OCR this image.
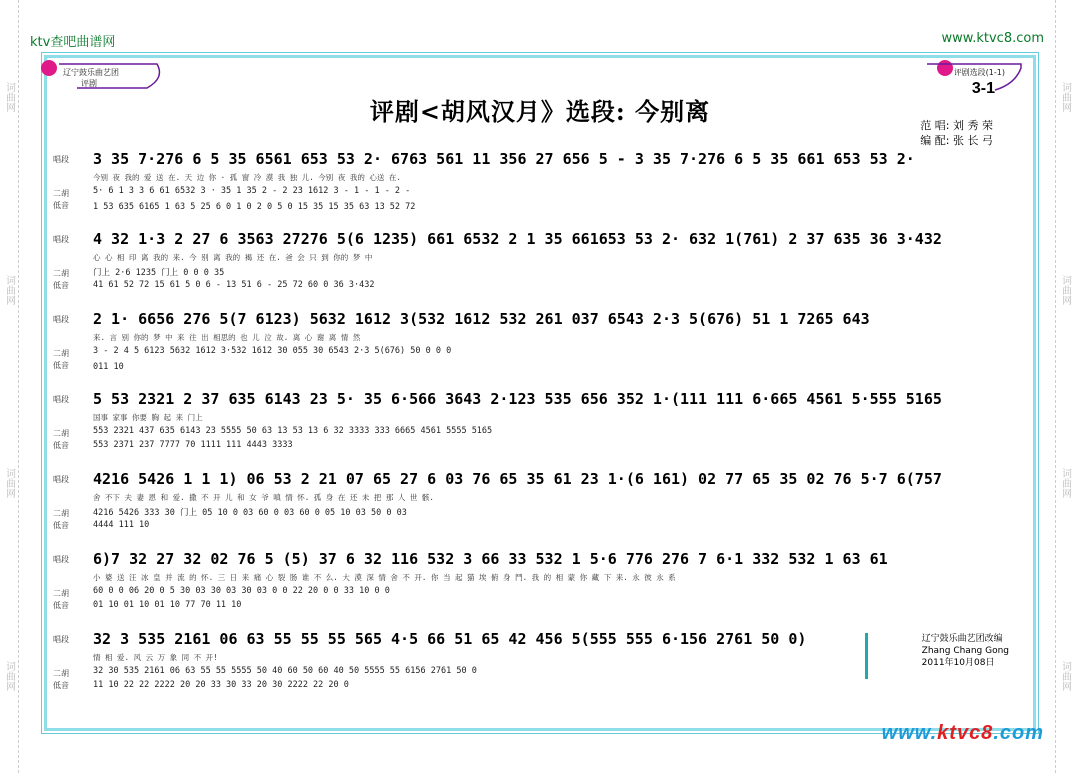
词曲网
词曲网
词曲网
词曲网
词曲网
词曲网
词曲网
词曲网
ktv查吧曲谱网	www.ktvc8.com
辽宁鼓乐曲艺团
评剧
评剧选段(1-1)
3-1
评剧<胡风汉月》选段: 今别离	范 唱: 刘 秀 荣
编 配: 张 长 弓
唱段
二胡
低音
3 35 7·276 6 5 35 6561 653 53 2· 6763 561 11 356 27 656 5 - 3 35 7·276 6 5 35 661 653 53 2·
今别 夜 我的 爱 送 在. 天 边 你 · 孤 窗 冷 漠 我 独 儿. 今别 夜 我的 心送 在.
5· 6 1 3 3 6 61 6532 3 · 35 1 35 2 - 2 23 1612 3 - 1 - 1 - 2 -
1 53 635 6165 1 63 5 25 6 0 1 0 2 0 5 0 15 35 15 35 63 13 52 72
唱段
二胡
低音
4 32 1·3 2 27 6 3563 27276 5(6 1235) 661 6532 2 1 35 661653 53 2· 632 1(761) 2 37 635 36 3·432
心 心 相 印 离 我的 来. 今 别 离 我的 褐 还 在. 爸 会 只 到 你的 梦 中
门上 2·6 1235 门上 0 0 0 35
41 61 52 72 15 61 5 0 6 - 13 51 6 - 25 72 60 0 36 3·432
唱段
二胡
低音
2 1· 6656 276 5(7 6123) 5632 1612 3(532 1612 532 261 037 6543 2·3 5(676) 51 1 7265 643
来. 言 别 你的 梦 中 来 往 出 相思的 也 儿 泣 故. 离 心 谢 离 情 然
3 - 2 4 5 6123 5632 1612 3·532 1612 30 055 30 6543 2·3 5(676) 50 0 0 0
011 10
唱段
二胡
低音
5 53 2321 2 37 635 6143 23 5· 35 6·566 3643 2·123 535 656 352 1·(111 111 6·665 4561 5·555 5165
国事 家事 你要 胸 起 来 门上
553 2321 437 635 6143 23 5555 50 63 13 53 13 6 32 3333 333 6665 4561 5555 5165
553 2371 237 7777 70 1111 111 4443 3333
唱段
二胡
低音
4216 5426 1 1 1) 06 53 2 21 07 65 27 6 03 76 65 35 61 23 1·(6 161) 02 77 65 35 02 76 5·7 6(757
舍 不下 夫 妻 恩 和 爱. 撒 不 开 儿 和 女 爷 嗔 情 怀. 孤 身 在 还 未 把 那 人 世 骸.
4216 5426 333 30 门上 05 10 0 03 60 0 03 60 0 05 10 03 50 0 03
4444 111 10
唱段
二胡
低音
6)7 32 27 32 02 76 5 (5) 37 6 32 116 532 3 66 33 532 1 5·6 776 276 7 6·1 332 532 1 63 61
小 婆 送 汪 冰 皇 并 流 的 怀. 三 日 来 痛 心 裂 肠 谁 不 么. 大 漠 深 情 舍 不 开. 你 当 起 猫 埃 俯 身 鬥. 我 的 相 蒙 你 藏 下 来. 永 彼 永 系
60 0 0 06 20 0 5 30 03 30 03 30 03 0 0 22 20 0 0 33 10 0 0
01 10 01 10 01 10 77 70 11 10
唱段
二胡
低音
32 3 535 2161 06 63 55 55 55 565 4·5 66 51 65 42 456 5(555 555 6·156 2761 50 0)
情 相 爱. 风 云 万 象 同 不 开!
32 30 535 2161 06 63 55 55 5555 50 40 60 50 60 40 50 5555 55 6156 2761 50 0
11 10 22 22 2222 20 20 33 30 33 20 30 2222 22 20 0
辽宁鼓乐曲艺团改编
Zhang Chang Gong
2011年10月08日
www.ktvc8.com
